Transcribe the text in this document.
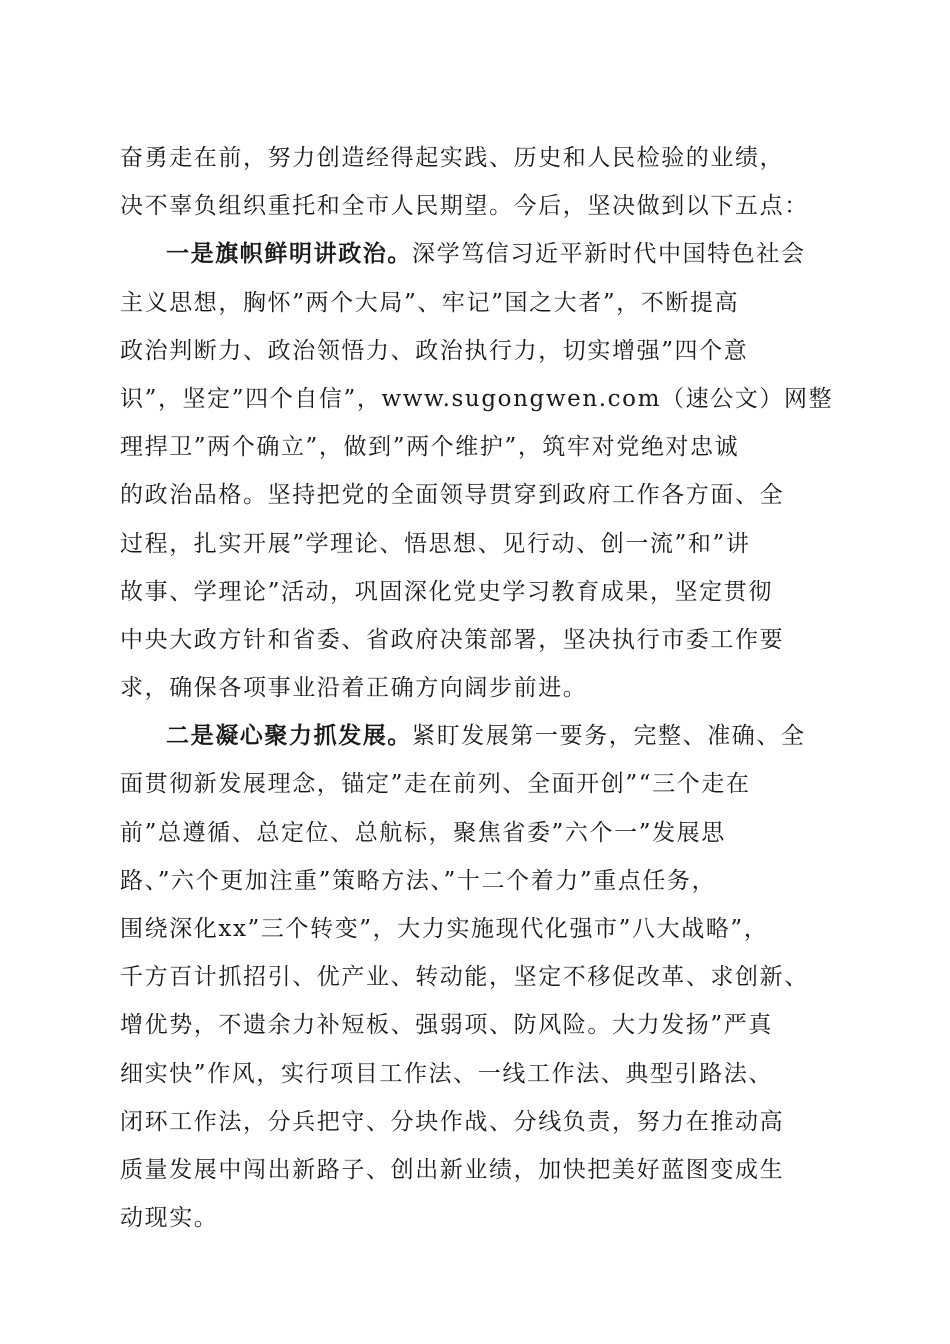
奋勇走在前，努力创造经得起实践、历史和人民检验的业绩，
决不辜负组织重托和全市人民期望。今后，坚决做到以下五点：
一是旗帜鲜明讲政治。深学笃信习近平新时代中国特色社会
主义思想，胸怀”两个大局”、牢记”国之大者”，不断提高
政治判断力、政治领悟力、政治执行力，切实增强”四个意
识”，坚定”四个自信”，www.sugongwen.com（速公文）网整
理捍卫”两个确立”，做到”两个维护”，筑牢对党绝对忠诚
的政治品格。坚持把党的全面领导贯穿到政府工作各方面、全
过程，扎实开展”学理论、悟思想、见行动、创一流”和”讲
故事、学理论”活动，巩固深化党史学习教育成果，坚定贯彻
中央大政方针和省委、省政府决策部署，坚决执行市委工作要
求，确保各项事业沿着正确方向阔步前进。
二是凝心聚力抓发展。紧盯发展第一要务，完整、准确、全
面贯彻新发展理念，锚定”走在前列、全面开创”“三个走在
前”总遵循、总定位、总航标，聚焦省委”六个一”发展思
路、”六个更加注重”策略方法、”十二个着力”重点任务，
围绕深化xx”三个转变”，大力实施现代化强市”八大战略”，
千方百计抓招引、优产业、转动能，坚定不移促改革、求创新、
增优势，不遗余力补短板、强弱项、防风险。大力发扬”严真
细实快”作风，实行项目工作法、一线工作法、典型引路法、
闭环工作法，分兵把守、分块作战、分线负责，努力在推动高
质量发展中闯出新路子、创出新业绩，加快把美好蓝图变成生
动现实。
